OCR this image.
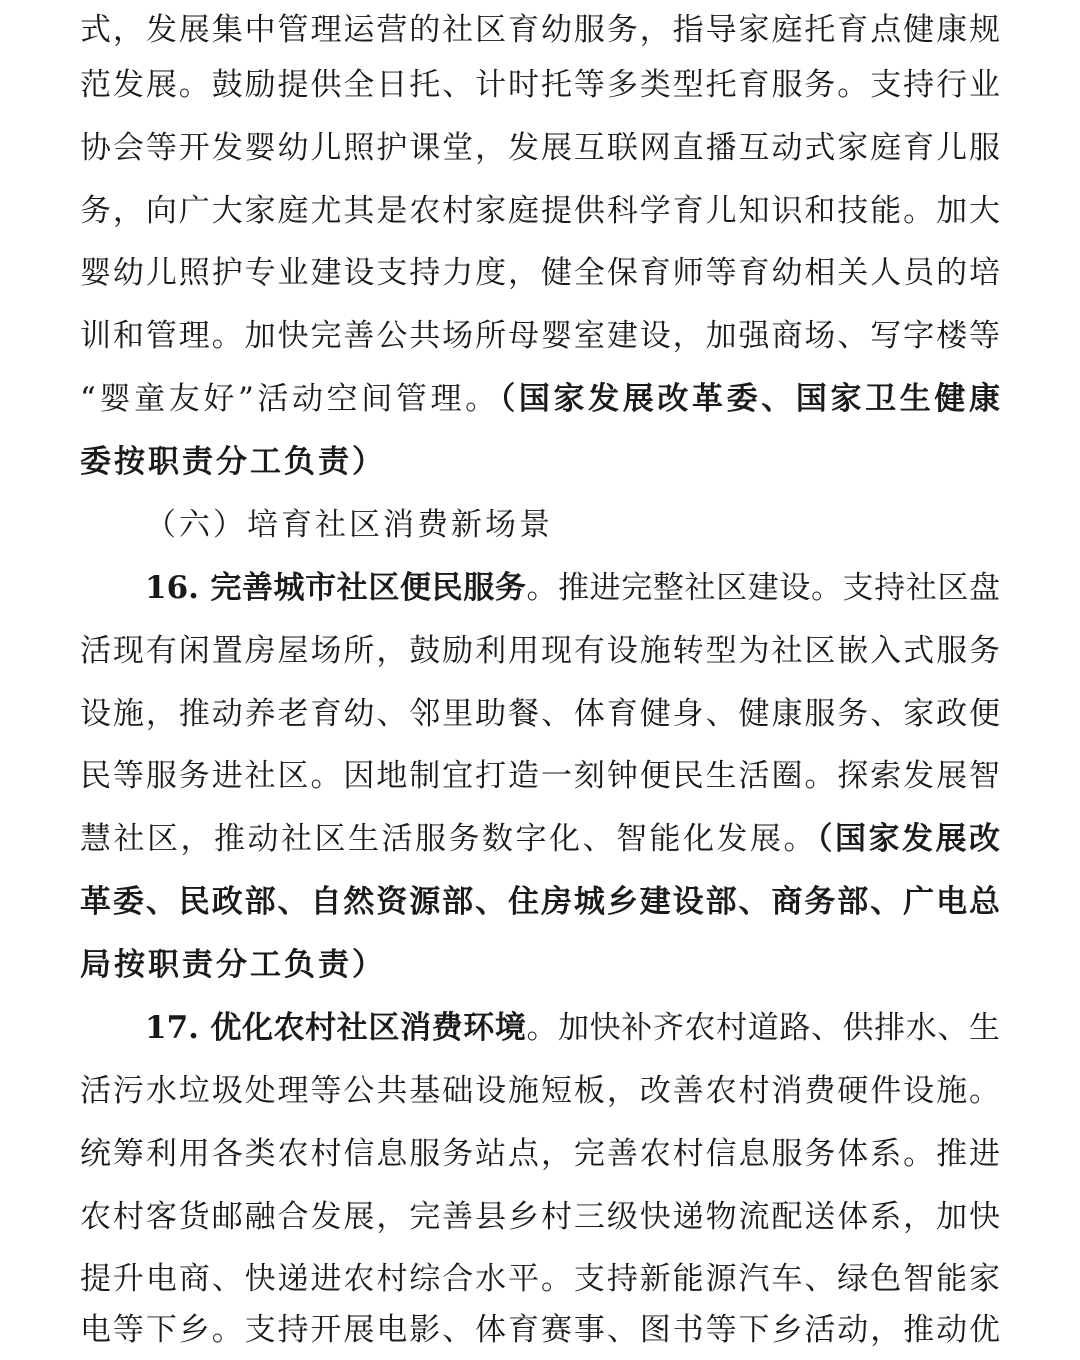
式，发展集中管理运营的社区育幼服务，指导家庭托育点健康规
范发展。鼓励提供全日托、计时托等多类型托育服务。支持行业
协会等开发婴幼儿照护课堂，发展互联网直播互动式家庭育儿服
务，向广大家庭尤其是农村家庭提供科学育儿知识和技能。加大
婴幼儿照护专业建设支持力度，健全保育师等育幼相关人员的培
训和管理。加快完善公共场所母婴室建设，加强商场、写字楼等
“婴童友好”活动空间管理。（国家发展改革委、国家卫生健康
委按职责分工负责）
（六）培育社区消费新场景
16. 完善城市社区便民服务。推进完整社区建设。支持社区盘
活现有闲置房屋场所，鼓励利用现有设施转型为社区嵌入式服务
设施，推动养老育幼、邻里助餐、体育健身、健康服务、家政便
民等服务进社区。因地制宜打造一刻钟便民生活圈。探索发展智
慧社区，推动社区生活服务数字化、智能化发展。（国家发展改
革委、民政部、自然资源部、住房城乡建设部、商务部、广电总
局按职责分工负责）
17. 优化农村社区消费环境。加快补齐农村道路、供排水、生
活污水垃圾处理等公共基础设施短板，改善农村消费硬件设施。
统筹利用各类农村信息服务站点，完善农村信息服务体系。推进
农村客货邮融合发展，完善县乡村三级快递物流配送体系，加快
提升电商、快递进农村综合水平。支持新能源汽车、绿色智能家
电等下乡。支持开展电影、体育赛事、图书等下乡活动，推动优
